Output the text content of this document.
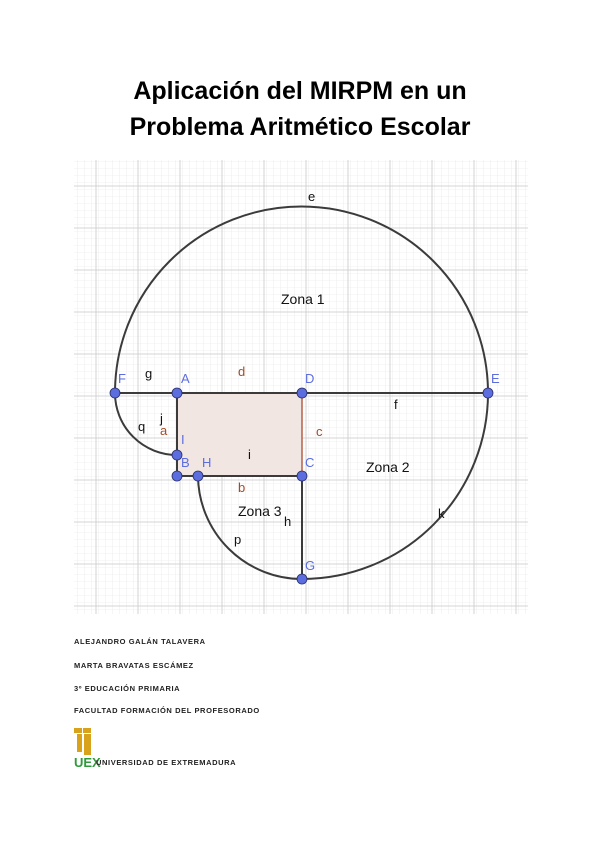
Aplicación del MIRPM en un
Problema Aritmético Escolar
F	A	D	E
I
B H	C
G
d
c
b
a
e
g
f
j
q
i
k
h
p
Zona 1
Zona 2
Zona 3
ALEJANDRO GALÁN TALAVERA
MARTA BRAVATAS ESCÁMEZ
3º EDUCACIÓN PRIMARIA
FACULTAD FORMACIÓN DEL PROFESORADO
UEX
UNIVERSIDAD DE EXTREMADURA
